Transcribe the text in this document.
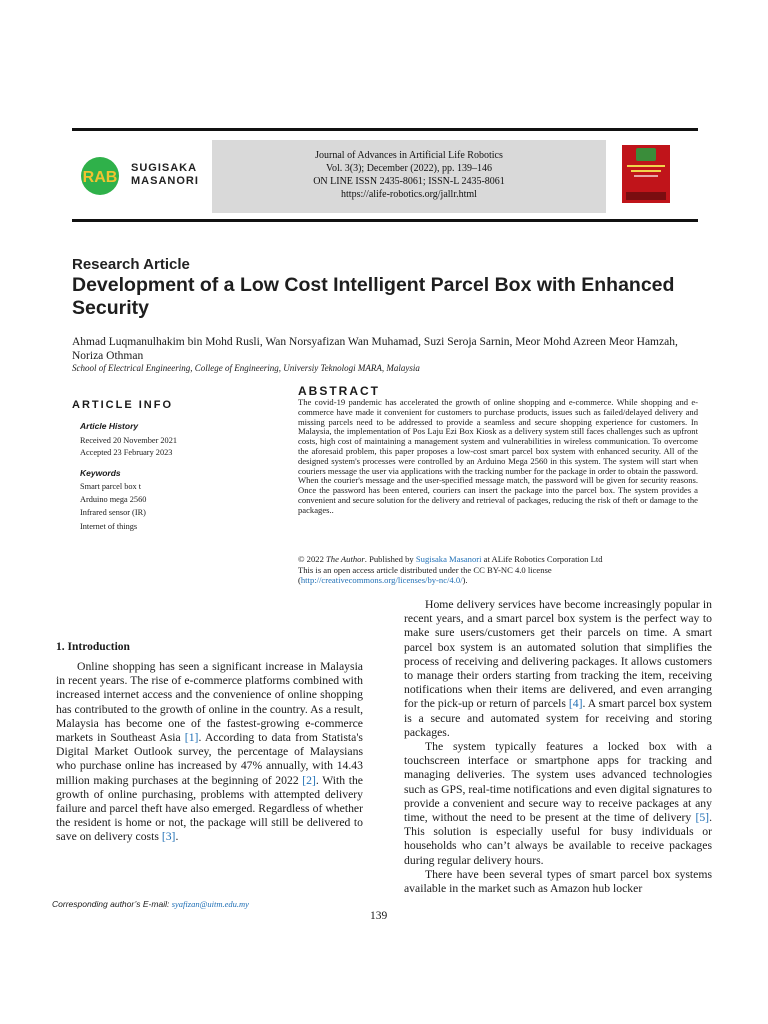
RAB
SUGISAKA
MASANORI
Journal of Advances in Artificial Life Robotics
Vol. 3(3); December (2022), pp. 139–146
ON LINE ISSN 2435-8061; ISSN-L 2435-8061
https://alife-robotics.org/jallr.html
Research Article
Development of a Low Cost Intelligent Parcel Box with Enhanced Security
Ahmad Luqmanulhakim bin Mohd Rusli, Wan Norsyafizan Wan Muhamad, Suzi Seroja Sarnin, Meor Mohd Azreen Meor Hamzah, Noriza Othman
School of Electrical Engineering, College of Engineering, Universiy Teknologi MARA, Malaysia
ARTICLE INFO
Article History
Received 20 November 2021
Accepted 23 February 2023
Keywords
Smart parcel box t
Arduino mega 2560
Infrared sensor (IR)
Internet of things
ABSTRACT
The covid-19 pandemic has accelerated the growth of online shopping and e-commerce. While shopping and e-commerce have made it convenient for customers to purchase products, issues such as failed/delayed delivery and missing parcels need to be addressed to provide a seamless and secure shopping experience for customers. In Malaysia, the implementation of Pos Laju Ezi Box Kiosk as a delivery system still faces challenges such as upfront costs, high cost of maintaining a management system and vulnerabilities in wireless communication. To overcome the aforesaid problem, this paper proposes a low-cost smart parcel box system with enhanced security. All of the designed system's processes were controlled by an Arduino Mega 2560 in this system. The system will start when couriers message the user via applications with the tracking number for the package in order to obtain the password. When the courier's message and the user-specified message match, the password will be given for security reasons. Once the password has been entered, couriers can insert the package into the parcel box. The system provides a convenient and secure solution for the delivery and retrieval of packages, reducing the risk of theft or damage to the packages..
© 2022 The Author. Published by Sugisaka Masanori at ALife Robotics Corporation Ltd
This is an open access article distributed under the CC BY-NC 4.0 license
(http://creativecommons.org/licenses/by-nc/4.0/).
1. Introduction

Online shopping has seen a significant increase in Malaysia in recent years. The rise of e-commerce platforms combined with increased internet access and the convenience of online shopping has contributed to the growth of online in the country. As a result, Malaysia has become one of the fastest-growing e-commerce markets in Southeast Asia [1]. According to data from Statista's Digital Market Outlook survey, the percentage of Malaysians who purchase online has increased by 47% annually, with 14.43 million making purchases at the beginning of 2022 [2]. With the growth of online purchasing, problems with attempted delivery failure and parcel theft have also emerged. Regardless of whether the resident is home or not, the package will still be delivered to save on delivery costs [3].

Home delivery services have become increasingly popular in recent years, and a smart parcel box system is the perfect way to make sure users/customers get their parcels on time. A smart parcel box system is an automated solution that simplifies the process of receiving and delivering packages. It allows customers to manage their orders starting from tracking the item, receiving notifications when their items are delivered, and even arranging for the pick-up or return of parcels [4]. A smart parcel box system is a secure and automated system for receiving and storing packages.

The system typically features a locked box with a touchscreen interface or smartphone apps for tracking and managing deliveries. The system uses advanced technologies such as GPS, real-time notifications and even digital signatures to provide a convenient and secure way to receive packages at any time, without the need to be present at the time of delivery [5]. This solution is especially useful for busy individuals or households who can’t always be available to receive packages during regular delivery hours.

There have been several types of smart parcel box systems available in the market such as Amazon hub locker

Corresponding author’s E-mail: syafizan@uitm.edu.my
139
